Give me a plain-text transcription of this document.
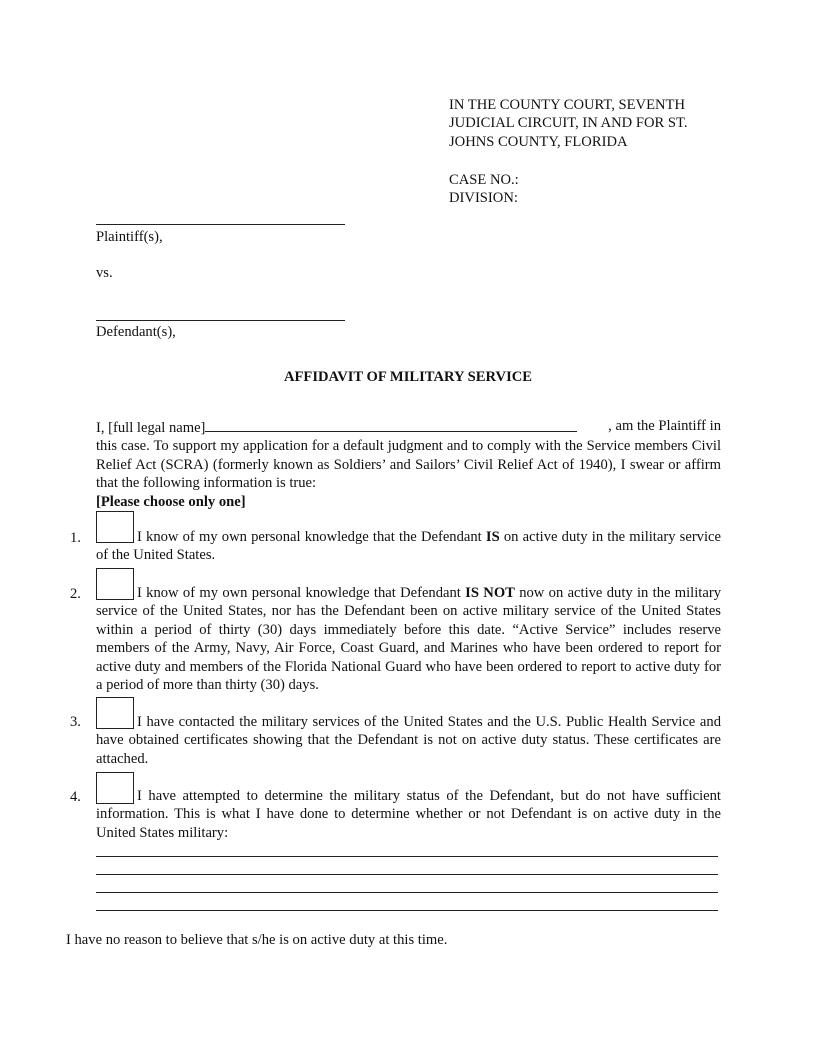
IN THE COUNTY COURT, SEVENTH
JUDICIAL CIRCUIT, IN AND FOR ST.
JOHNS COUNTY, FLORIDA
CASE NO.:
DIVISION:
Plaintiff(s),
vs.
Defendant(s),
AFFIDAVIT OF MILITARY SERVICE
I, [full legal name]	, am the Plaintiff in
this case. To support my application for a default judgment and to comply with the Service members Civil Relief Act (SCRA) (formerly known as Soldiers’ and Sailors’ Civil Relief Act of 1940), I swear or affirm that the following information is true:
[Please choose only one]
1.	I know of my own personal knowledge that the Defendant IS on active duty in the military service of the United States.
2.	I know of my own personal knowledge that Defendant IS NOT now on active duty in the military service of the United States, nor has the Defendant been on active military service of the United States within a period of thirty (30) days immediately before this date. “Active Service” includes reserve members of the Army, Navy, Air Force, Coast Guard, and Marines who have been ordered to report for active duty and members of the Florida National Guard who have been ordered to report to active duty for a period of more than thirty (30) days.
3.	I have contacted the military services of the United States and the U.S. Public Health Service and have obtained certificates showing that the Defendant is not on active duty status. These certificates are attached.
4.	I have attempted to determine the military status of the Defendant, but do not have sufficient information. This is what I have done to determine whether or not Defendant is on active duty in the United States military:
I have no reason to believe that s/he is on active duty at this time.
